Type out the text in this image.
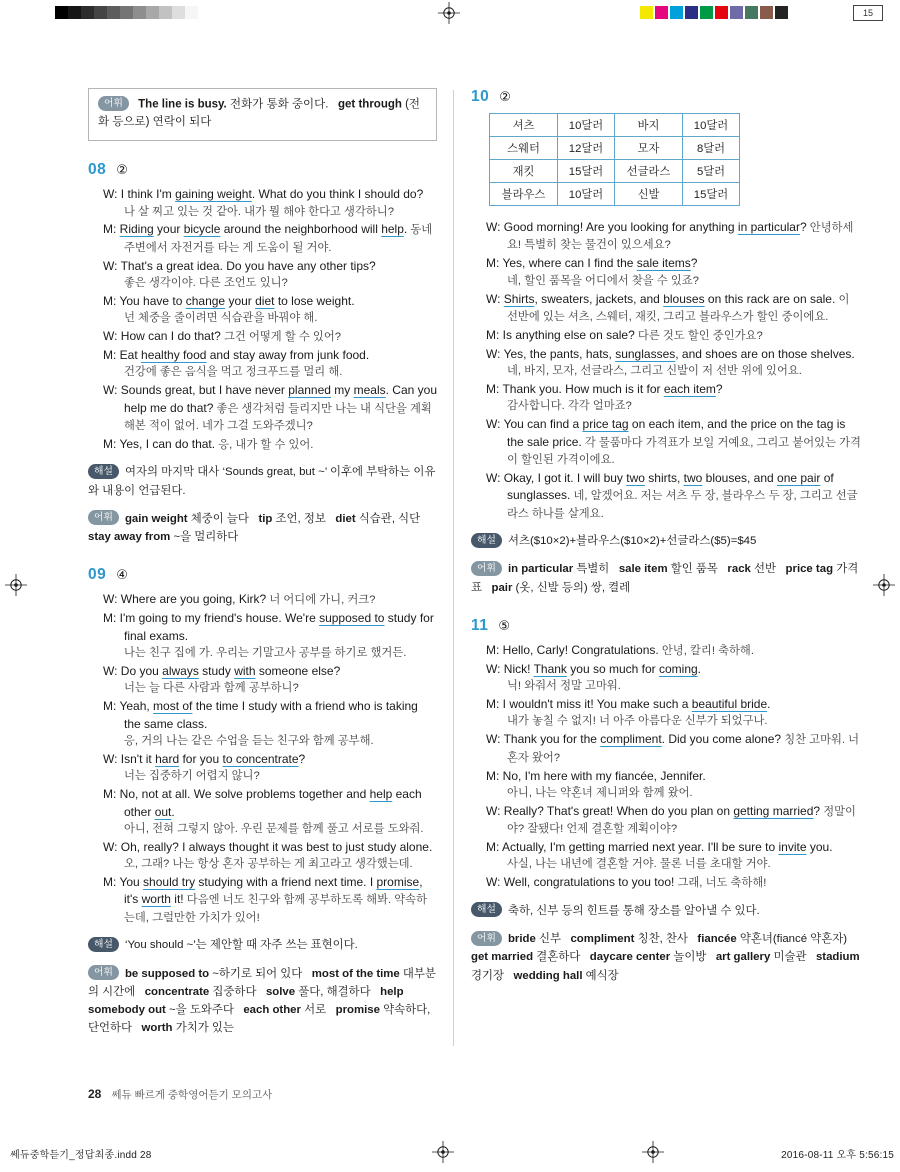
15
어휘 The line is busy. 전화가 통화 중이다.   get through (전화 등으로) 연락이 되다
08 ②

W: I think I'm gaining weight. What do you think I should do?
나 살 찌고 있는 것 같아. 내가 뭘 해야 한다고 생각하니?

M: Riding your bicycle around the neighborhood will help. 동네 주변에서 자전거를 타는 게 도움이 될 거야.

W: That's a great idea. Do you have any other tips?
좋은 생각이야. 다른 조언도 있니?

M: You have to change your diet to lose weight.
넌 체중을 줄이려면 식습관을 바꿔야 해.

W: How can I do that? 그건 어떻게 할 수 있어?

M: Eat healthy food and stay away from junk food.
건강에 좋은 음식을 먹고 정크푸드를 멀리 해.

W: Sounds great, but I have never planned my meals. Can you help me do that? 좋은 생각처럼 들리지만 나는 내 식단을 계획해본 적이 없어. 네가 그걸 도와주겠니?

M: Yes, I can do that. 응, 내가 할 수 있어.

해설 여자의 마지막 대사 ‘Sounds great, but ~’ 이후에 부탁하는 이유와 내용이 언급된다.
어휘 gain weight 체중이 늘다   tip 조언, 정보   diet 식습관, 식단   stay away from ~을 멀리하다
09 ④

W: Where are you going, Kirk? 너 어디에 가니, 커크?

M: I'm going to my friend's house. We're supposed to study for final exams.
나는 친구 집에 가. 우리는 기말고사 공부를 하기로 했거든.

W: Do you always study with someone else?
너는 늘 다른 사람과 함께 공부하니?

M: Yeah, most of the time I study with a friend who is taking the same class.
응, 거의 나는 같은 수업을 듣는 친구와 함께 공부해.

W: Isn't it hard for you to concentrate?
너는 집중하기 어렵지 않니?

M: No, not at all. We solve problems together and help each other out.
아니, 전혀 그렇지 않아. 우린 문제를 함께 풀고 서로를 도와줘.

W: Oh, really? I always thought it was best to just study alone.
오, 그래? 나는 항상 혼자 공부하는 게 최고라고 생각했는데.

M: You should try studying with a friend next time. I promise, it's worth it! 다음엔 너도 친구와 함께 공부하도록 해봐. 약속하는데, 그럴만한 가치가 있어!

해설 ‘You should ~’는 제안할 때 자주 쓰는 표현이다.
어휘 be supposed to ~하기로 되어 있다   most of the time 대부분의 시간에   concentrate 집중하다   solve 풀다, 해결하다   help somebody out ~을 도와주다   each other 서로   promise 약속하다, 단언하다   worth 가치가 있는
10 ②
셔츠	10달러	바지	10달러
스웨터	12달러	모자	8달러
재킷	15달러	선글라스	5달러
블라우스	10달러	신발	15달러

W: Good morning! Are you looking for anything in particular? 안녕하세요! 특별히 찾는 물건이 있으세요?

M: Yes, where can I find the sale items?
네, 할인 품목을 어디에서 찾을 수 있죠?

W: Shirts, sweaters, jackets, and blouses on this rack are on sale. 이 선반에 있는 셔츠, 스웨터, 재킷, 그리고 블라우스가 할인 중이에요.

M: Is anything else on sale? 다른 것도 할인 중인가요?

W: Yes, the pants, hats, sunglasses, and shoes are on those shelves.
네, 바지, 모자, 선글라스, 그리고 신발이 저 선반 위에 있어요.

M: Thank you. How much is it for each item?
감사합니다. 각각 얼마죠?

W: You can find a price tag on each item, and the price on the tag is the sale price. 각 물품마다 가격표가 보일 거예요, 그리고 붙어있는 가격이 할인된 가격이에요.

W: Okay, I got it. I will buy two shirts, two blouses, and one pair of sunglasses. 네, 알겠어요. 저는 셔츠 두 장, 블라우스 두 장, 그리고 선글라스 하나를 살게요.

해설 셔츠($10×2)+블라우스($10×2)+선글라스($5)=$45
어휘 in particular 특별히   sale item 할인 품목   rack 선반   price tag 가격표   pair (옷, 신발 등의) 쌍, 켤레
11 ⑤

M: Hello, Carly! Congratulations. 안녕, 칼리! 축하해.

W: Nick! Thank you so much for coming.
닉! 와줘서 정말 고마워.

M: I wouldn't miss it! You make such a beautiful bride.
내가 놓칠 수 없지! 너 아주 아름다운 신부가 되었구나.

W: Thank you for the compliment. Did you come alone? 칭찬 고마워. 너 혼자 왔어?

M: No, I'm here with my fiancée, Jennifer.
아니, 나는 약혼녀 제니퍼와 함께 왔어.

W: Really? That's great! When do you plan on getting married? 정말이야? 잘됐다! 언제 결혼할 계획이야?

M: Actually, I'm getting married next year. I'll be sure to invite you.
사실, 나는 내년에 결혼할 거야. 물론 너를 초대할 거야.

W: Well, congratulations to you too! 그래, 너도 축하해!

해설 축하, 신부 등의 힌트를 통해 장소를 알아낼 수 있다.
어휘 bride 신부   compliment 칭찬, 찬사   fiancée 약혼녀(fiancé 약혼자)   get married 결혼하다   daycare center 놀이방   art gallery 미술관   stadium 경기장   wedding hall 예식장
28 쎄듀 빠르게 중학영어듣기 모의고사
쎄듀중학듣기_정답최종.indd 28	2016-08-11 오후 5:56:15
